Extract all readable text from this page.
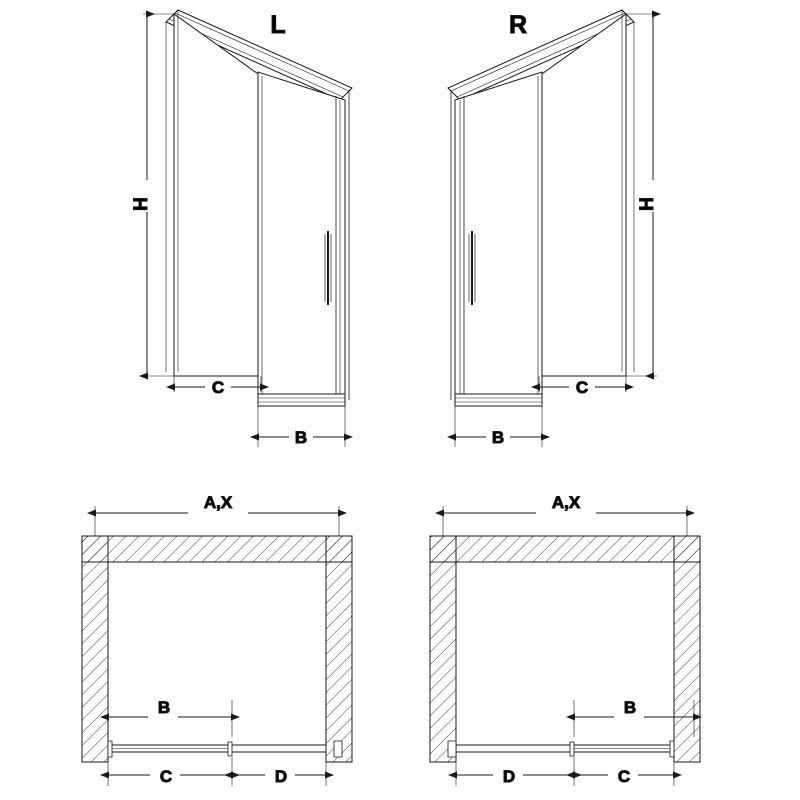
H
C
B
L
H
C
B
R
A,X
B
C	D
A,X
B
D	C
